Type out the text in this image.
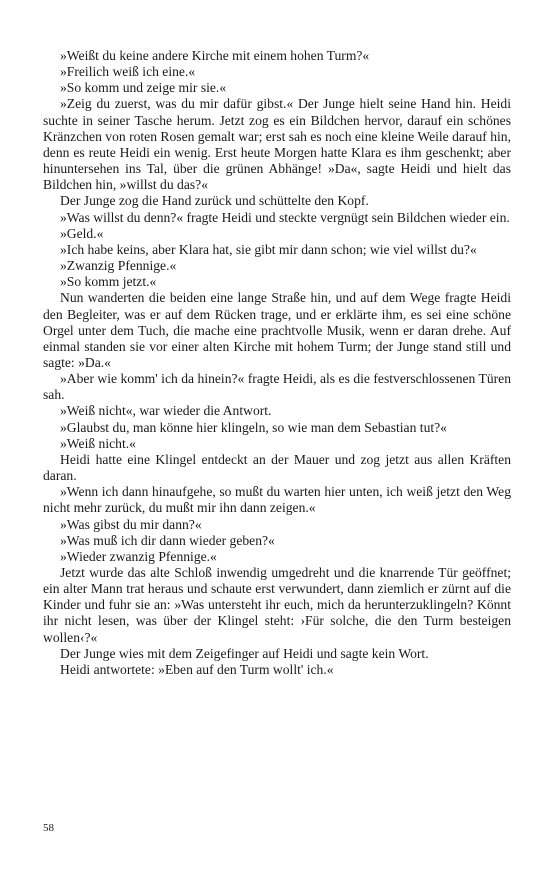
»Weißt du keine andere Kirche mit einem hohen Turm?«

»Freilich weiß ich eine.«

»So komm und zeige mir sie.«

»Zeig du zuerst, was du mir dafür gibst.« Der Junge hielt seine Hand hin. Heidi suchte in seiner Tasche herum. Jetzt zog es ein Bildchen hervor, darauf ein schönes Kränzchen von roten Rosen gemalt war; erst sah es noch eine kleine Weile darauf hin, denn es reute Heidi ein wenig. Erst heute Morgen hatte Klara es ihm geschenkt; aber hinuntersehen ins Tal, über die grünen Abhänge! »Da«, sagte Heidi und hielt das Bildchen hin, »willst du das?«

Der Junge zog die Hand zurück und schüttelte den Kopf.

»Was willst du denn?« fragte Heidi und steckte vergnügt sein Bildchen wieder ein.

»Geld.«

»Ich habe keins, aber Klara hat, sie gibt mir dann schon; wie viel willst du?«

»Zwanzig Pfennige.«

»So komm jetzt.«

Nun wanderten die beiden eine lange Straße hin, und auf dem Wege fragte Heidi den Begleiter, was er auf dem Rücken trage, und er erklärte ihm, es sei eine schöne Orgel unter dem Tuch, die mache eine prachtvolle Musik, wenn er daran drehe. Auf einmal standen sie vor einer alten Kirche mit hohem Turm; der Junge stand still und sagte: »Da.«

»Aber wie komm' ich da hinein?« fragte Heidi, als es die festverschlossenen Türen sah.

»Weiß nicht«, war wieder die Antwort.

»Glaubst du, man könne hier klingeln, so wie man dem Sebastian tut?«

»Weiß nicht.«

Heidi hatte eine Klingel entdeckt an der Mauer und zog jetzt aus allen Kräften daran.

»Wenn ich dann hinaufgehe, so mußt du warten hier unten, ich weiß jetzt den Weg nicht mehr zurück, du mußt mir ihn dann zeigen.«

»Was gibst du mir dann?«

»Was muß ich dir dann wieder geben?«

»Wieder zwanzig Pfennige.«

Jetzt wurde das alte Schloß inwendig umgedreht und die knarrende Tür geöffnet; ein alter Mann trat heraus und schaute erst verwundert, dann ziemlich er zürnt auf die Kinder und fuhr sie an: »Was untersteht ihr euch, mich da herunterzuklingeln? Könnt ihr nicht lesen, was über der Klingel steht: ›Für solche, die den Turm besteigen wollen‹?«

Der Junge wies mit dem Zeigefinger auf Heidi und sagte kein Wort.

Heidi antwortete: »Eben auf den Turm wollt' ich.«

58
